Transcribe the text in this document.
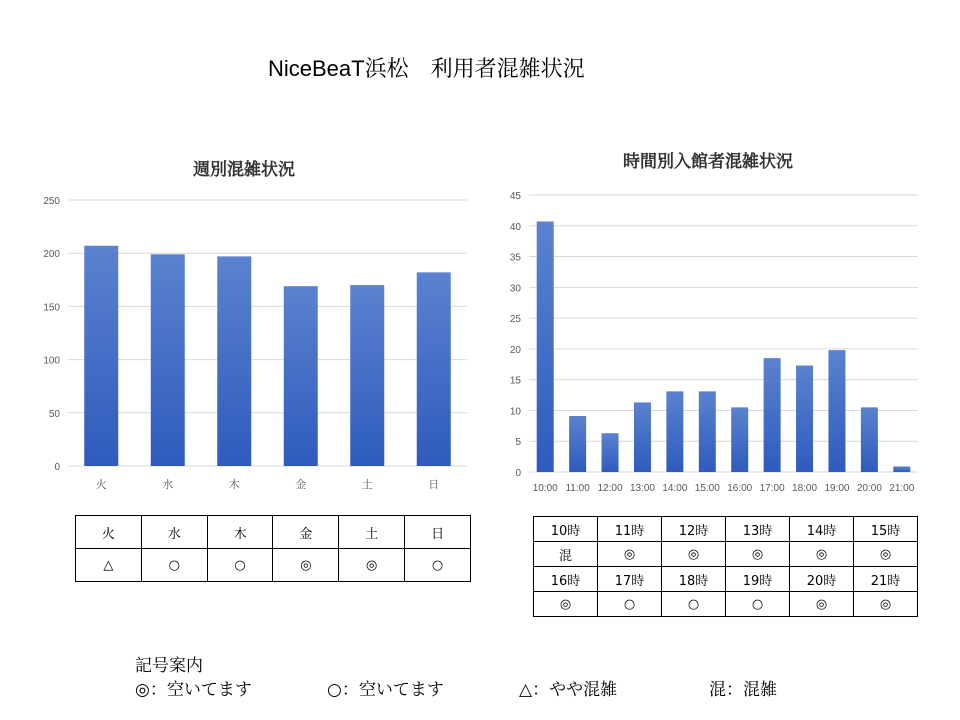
NiceBeaT浜松　利用者混雑状況
週別混雑状況	時間別入館者混雑状況
0
50
100
150
200
250
火	水	木	金	土	日
0
5
10
15
20
25
30
35
40
45
10:00 11:00 12:00 13:00 14:00 15:00 16:00 17:00 18:00 19:00 20:00 21:00
火	水	木	金	土	日
△	○	○	◎	◎	○
10時	11時	12時	13時	14時	15時
混	◎	◎	◎	◎	◎
16時	17時	18時	19時	20時	21時
◎	○	○	○	◎	◎
記号案内
◎：空いてます	○：空いてます	△：やや混雑	混：混雑
